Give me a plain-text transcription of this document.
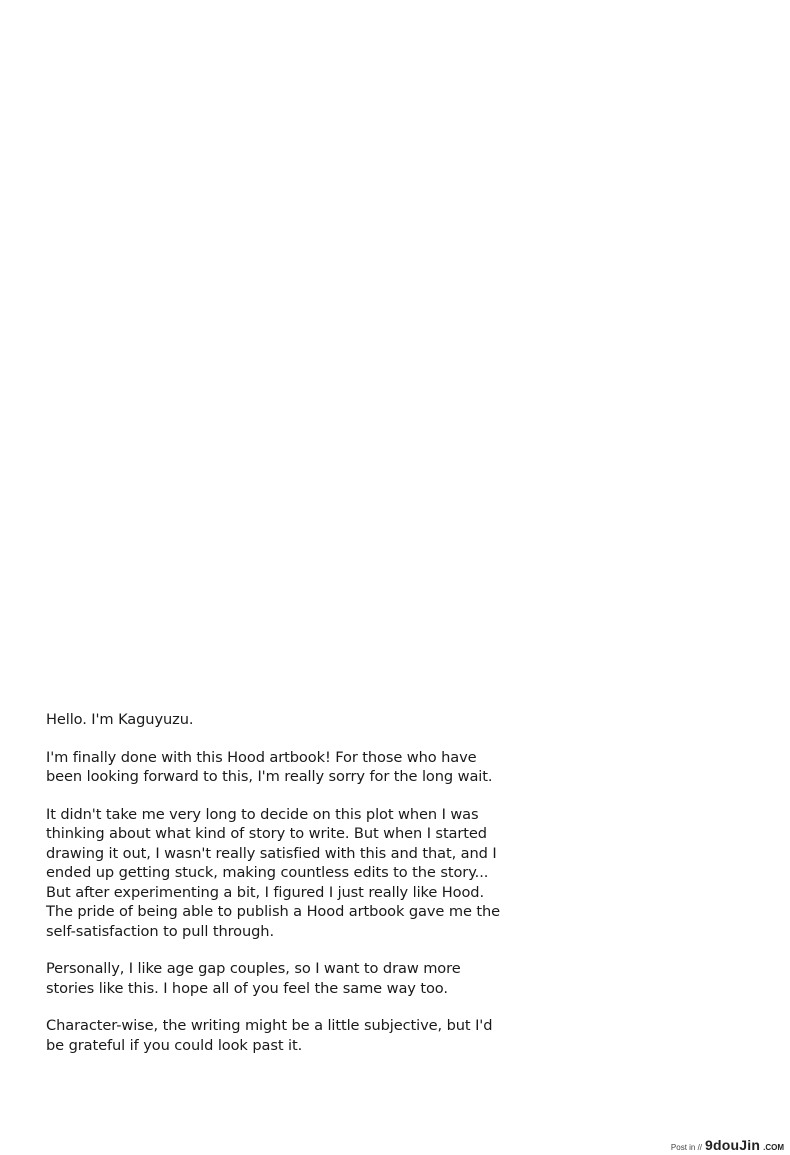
Hello. I'm Kaguyuzu.

I'm finally done with this Hood artbook! For those who have
been looking forward to this, I'm really sorry for the long wait.

It didn't take me very long to decide on this plot when I was
thinking about what kind of story to write. But when I started
drawing it out, I wasn't really satisfied with this and that, and I
ended up getting stuck, making countless edits to the story...
But after experimenting a bit, I figured I just really like Hood.
The pride of being able to publish a Hood artbook gave me the
self-satisfaction to pull through.

Personally, I like age gap couples, so I want to draw more
stories like this. I hope all of you feel the same way too.

Character-wise, the writing might be a little subjective, but I'd
be grateful if you could look past it.

Post in // 9douJin .COM
